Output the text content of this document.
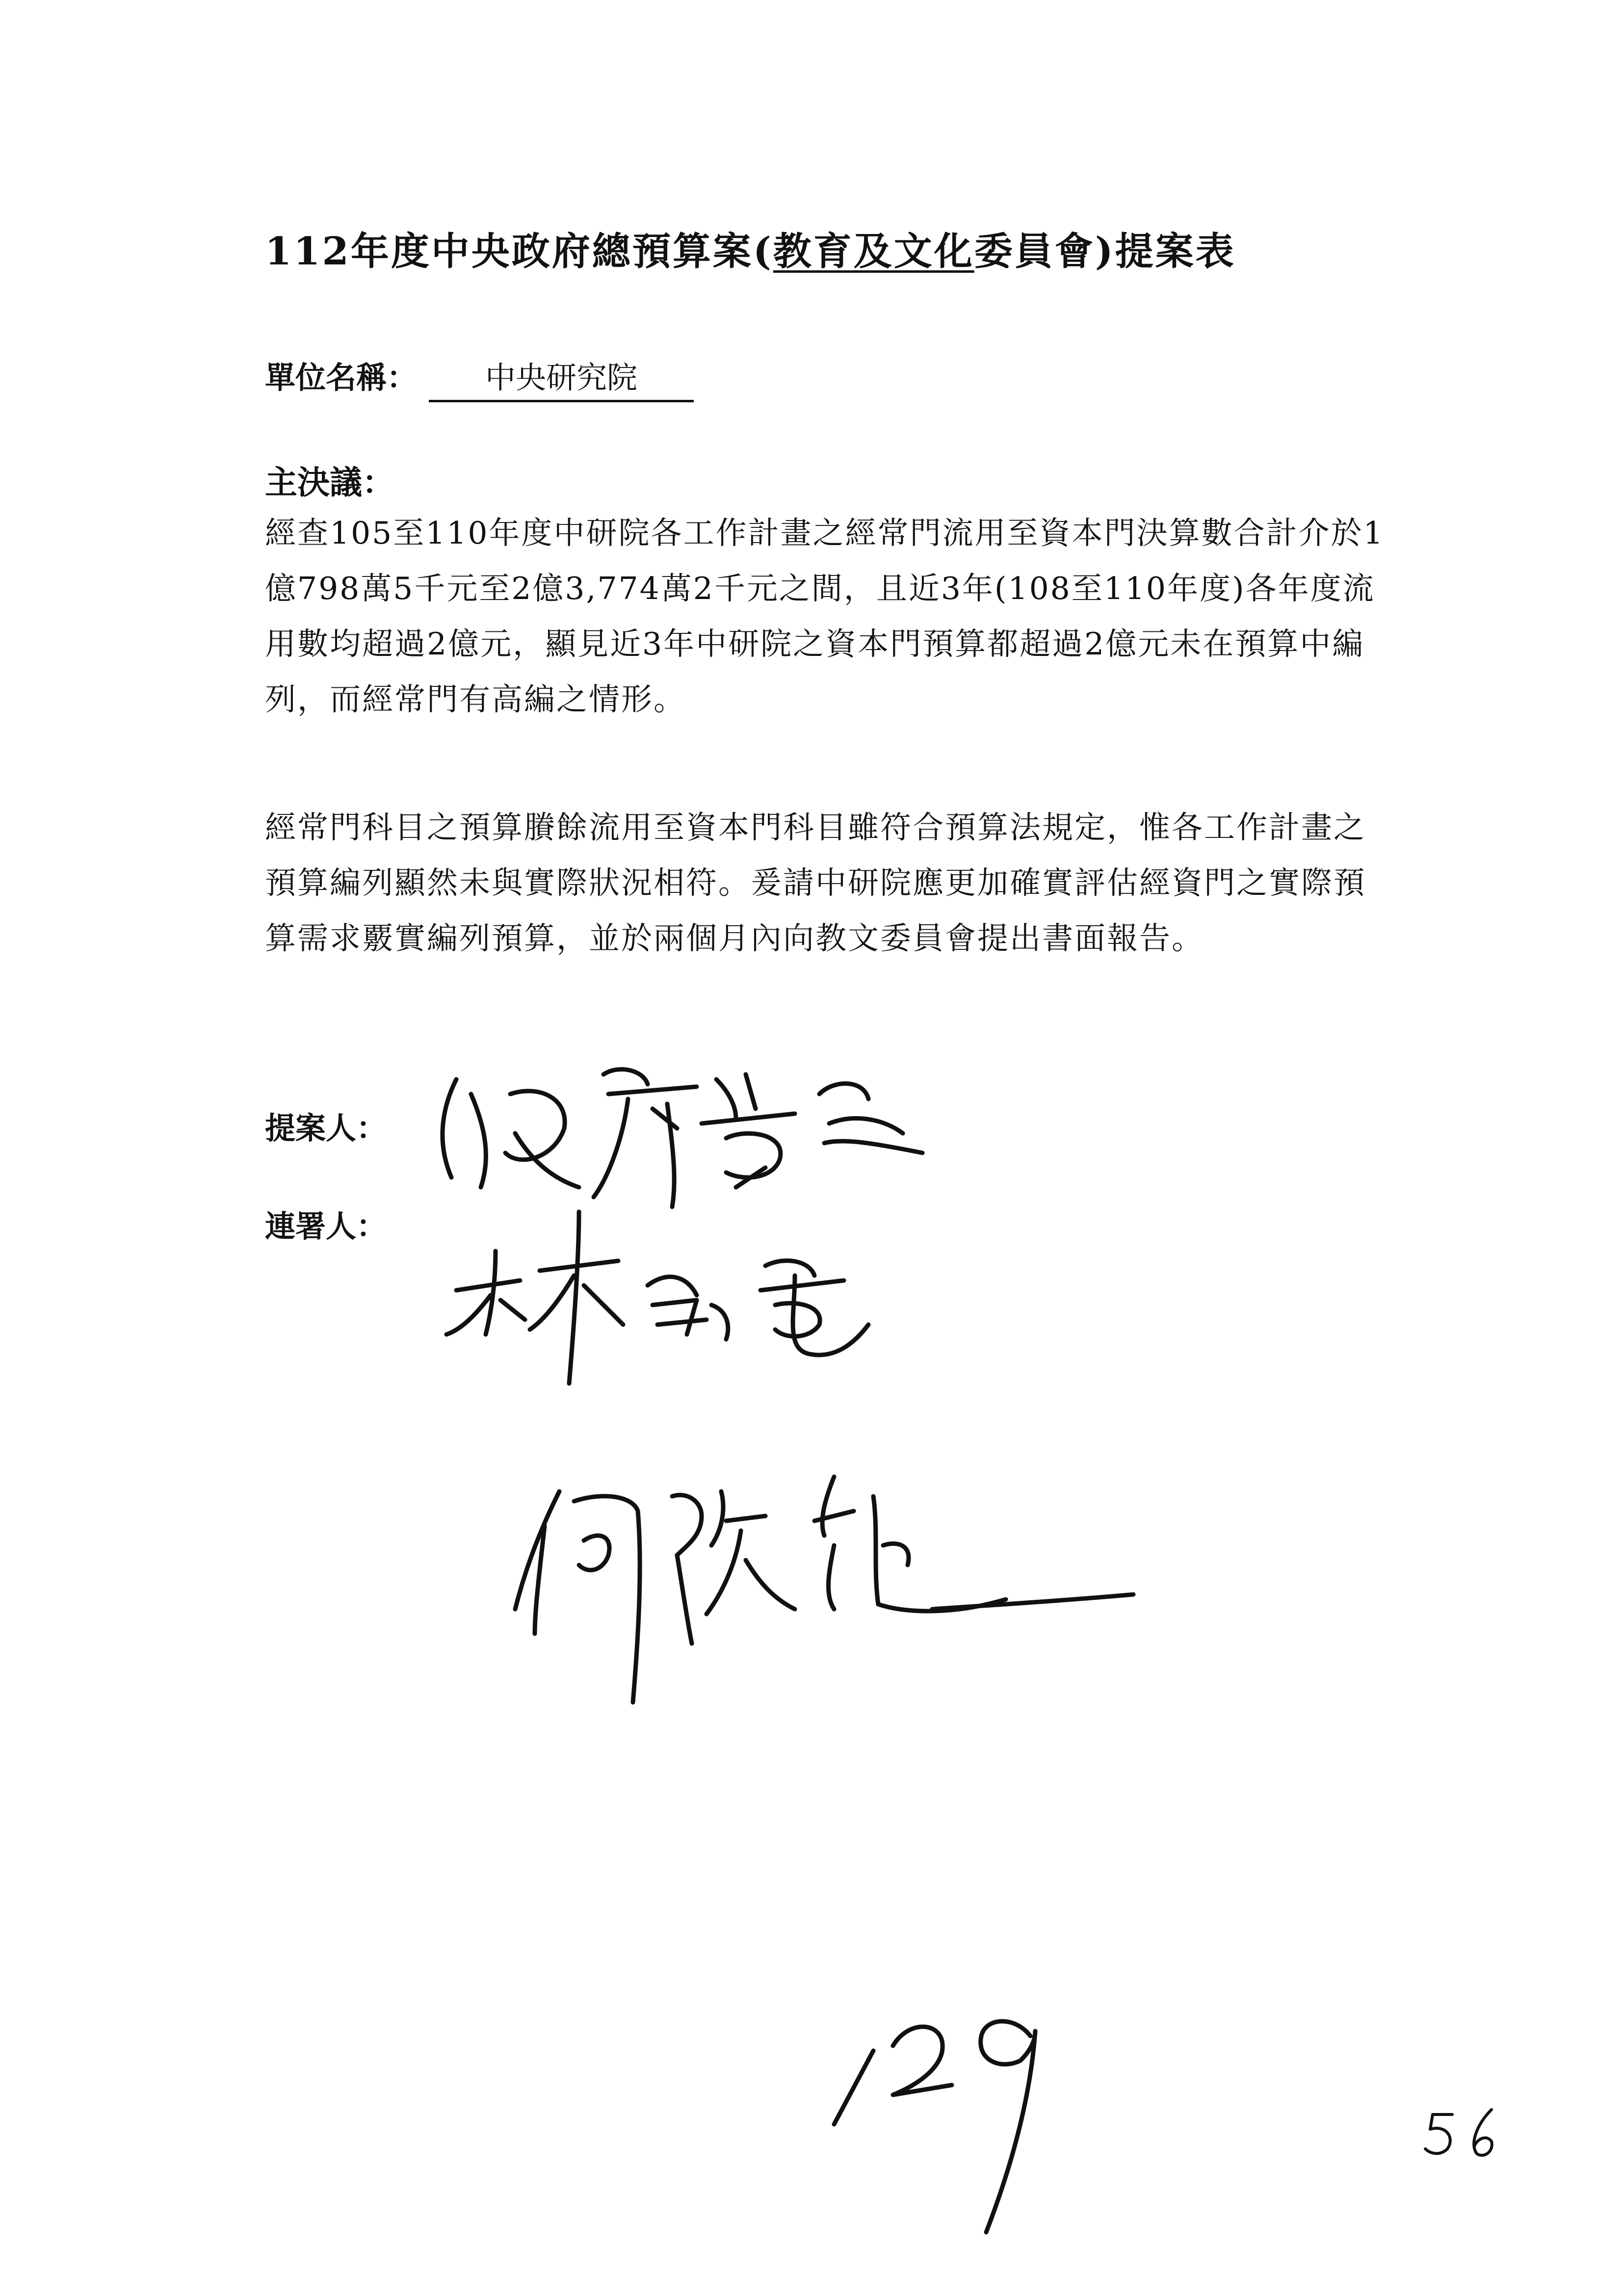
112年度中央政府總預算案(教育及文化委員會)提案表
單位名稱： 中央研究院
主決議：
經查105至110年度中研院各工作計畫之經常門流用至資本門決算數合計介於1億798萬5千元至2億3,774萬2千元之間，且近3年(108至110年度)各年度流用數均超過2億元，顯見近3年中研院之資本門預算都超過2億元未在預算中編列，而經常門有高編之情形。
經常門科目之預算賸餘流用至資本門科目雖符合預算法規定，惟各工作計畫之預算編列顯然未與實際狀況相符。爰請中研院應更加確實評估經資門之實際預算需求覈實編列預算，並於兩個月內向教文委員會提出書面報告。
提案人：
連署人：
